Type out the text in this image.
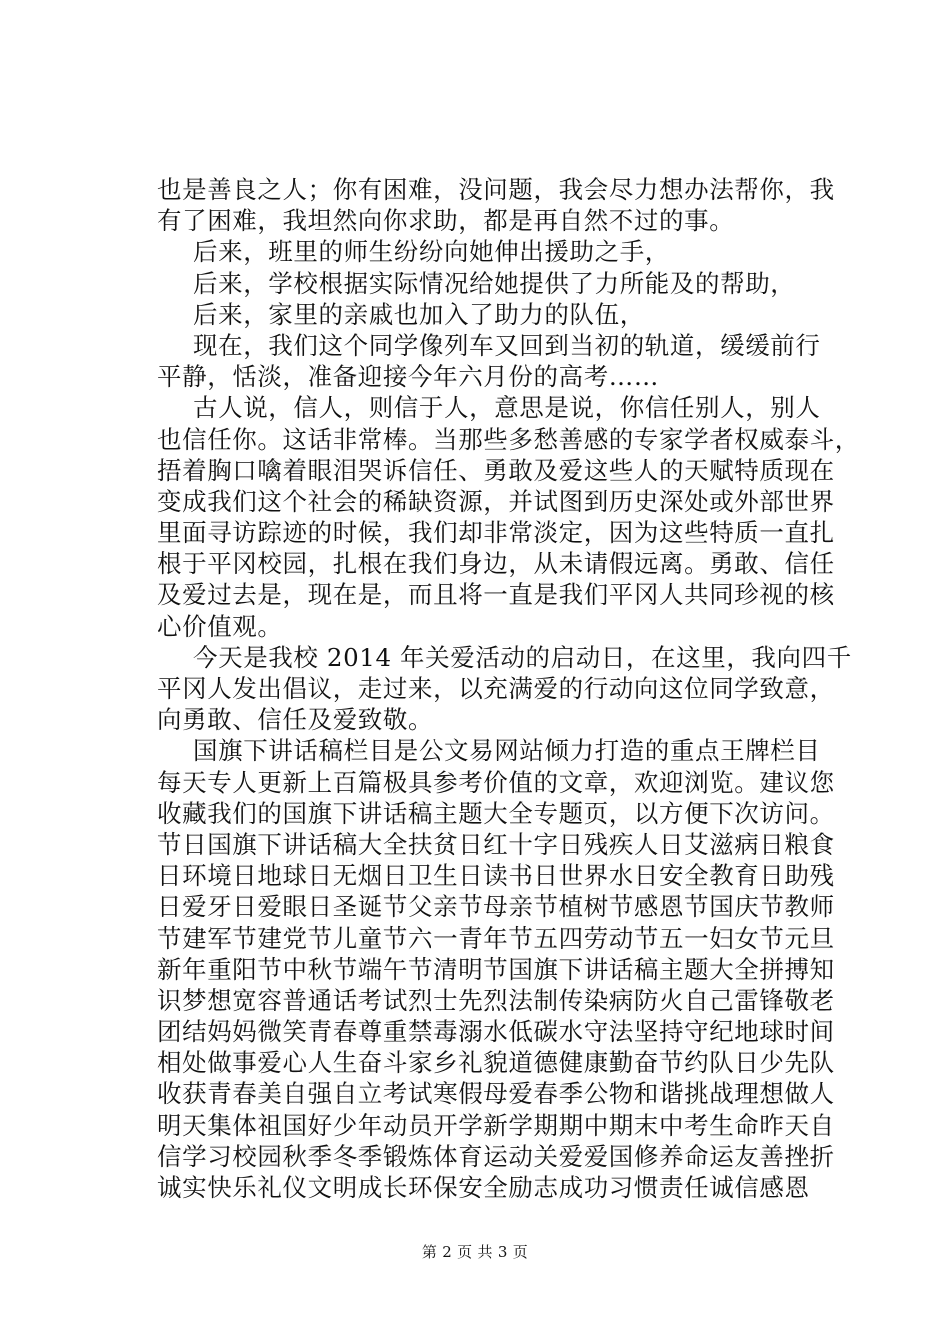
也是善良之人；你有困难，没问题，我会尽力想办法帮你，我
有了困难，我坦然向你求助，都是再自然不过的事。
后来，班里的师生纷纷向她伸出援助之手，
后来，学校根据实际情况给她提供了力所能及的帮助，
后来，家里的亲戚也加入了助力的队伍，
现在，我们这个同学像列车又回到当初的轨道，缓缓前行
平静，恬淡，准备迎接今年六月份的高考……
古人说，信人，则信于人，意思是说，你信任别人，别人
也信任你。这话非常棒。当那些多愁善感的专家学者权威泰斗，
捂着胸口噙着眼泪哭诉信任、勇敢及爱这些人的天赋特质现在
变成我们这个社会的稀缺资源，并试图到历史深处或外部世界
里面寻访踪迹的时候，我们却非常淡定，因为这些特质一直扎
根于平冈校园，扎根在我们身边，从未请假远离。勇敢、信任
及爱过去是，现在是，而且将一直是我们平冈人共同珍视的核
心价值观。
今天是我校 2014 年关爱活动的启动日，在这里，我向四千
平冈人发出倡议，走过来，以充满爱的行动向这位同学致意，
向勇敢、信任及爱致敬。
国旗下讲话稿栏目是公文易网站倾力打造的重点王牌栏目
每天专人更新上百篇极具参考价值的文章，欢迎浏览。建议您
收藏我们的国旗下讲话稿主题大全专题页，以方便下次访问。
节日国旗下讲话稿大全扶贫日红十字日残疾人日艾滋病日粮食
日环境日地球日无烟日卫生日读书日世界水日安全教育日助残
日爱牙日爱眼日圣诞节父亲节母亲节植树节感恩节国庆节教师
节建军节建党节儿童节六一青年节五四劳动节五一妇女节元旦
新年重阳节中秋节端午节清明节国旗下讲话稿主题大全拼搏知
识梦想宽容普通话考试烈士先烈法制传染病防火自己雷锋敬老
团结妈妈微笑青春尊重禁毒溺水低碳水守法坚持守纪地球时间
相处做事爱心人生奋斗家乡礼貌道德健康勤奋节约队日少先队
收获青春美自强自立考试寒假母爱春季公物和谐挑战理想做人
明天集体祖国好少年动员开学新学期期中期末中考生命昨天自
信学习校园秋季冬季锻炼体育运动关爱爱国修养命运友善挫折
诚实快乐礼仪文明成长环保安全励志成功习惯责任诚信感恩
第 2 页 共 3 页
